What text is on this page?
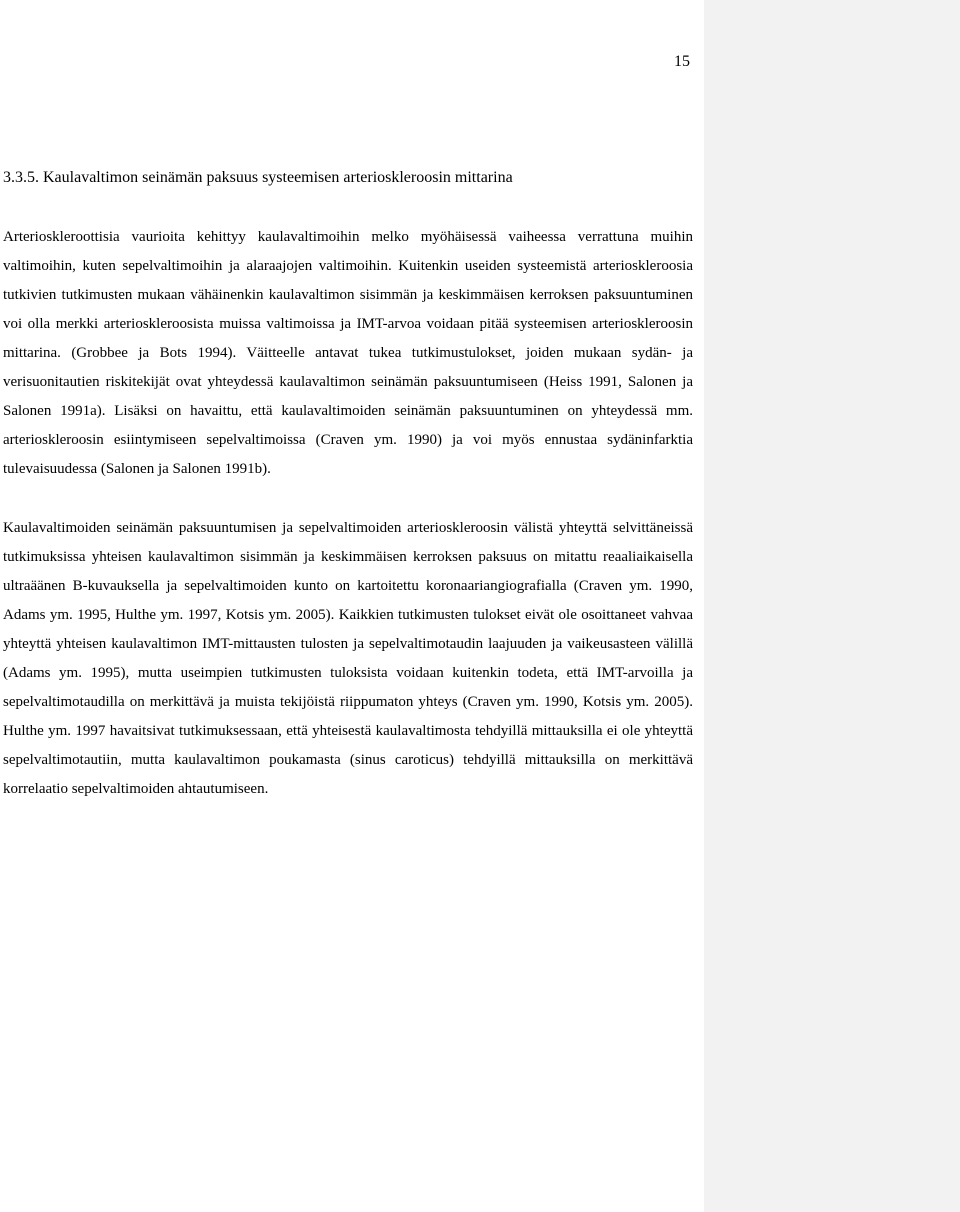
15
3.3.5. Kaulavaltimon seinämän paksuus systeemisen arterioskleroosin mittarina

Arterioskleroottisia vaurioita kehittyy kaulavaltimoihin melko myöhäisessä vaiheessa verrattuna muihin valtimoihin, kuten sepelvaltimoihin ja alaraajojen valtimoihin. Kuitenkin useiden systeemistä arterioskleroosia tutkivien tutkimusten mukaan vähäinenkin kaulavaltimon sisimmän ja keskimmäisen kerroksen paksuuntuminen voi olla merkki arterioskleroosista muissa valtimoissa ja IMT-arvoa voidaan pitää systeemisen arterioskleroosin mittarina. (Grobbee ja Bots 1994). Väitteelle antavat tukea tutkimustulokset, joiden mukaan sydän- ja verisuonitautien riskitekijät ovat yhteydessä kaulavaltimon seinämän paksuuntumiseen (Heiss 1991, Salonen ja Salonen 1991a). Lisäksi on havaittu, että kaulavaltimoiden seinämän paksuuntuminen on yhteydessä mm. arterioskleroosin esiintymiseen sepelvaltimoissa (Craven ym. 1990) ja voi myös ennustaa sydäninfarktia tulevaisuudessa (Salonen ja Salonen 1991b).

Kaulavaltimoiden seinämän paksuuntumisen ja sepelvaltimoiden arterioskleroosin välistä yhteyttä selvittäneissä tutkimuksissa yhteisen kaulavaltimon sisimmän ja keskimmäisen kerroksen paksuus on mitattu reaaliaikaisella ultraäänen B-kuvauksella ja sepelvaltimoiden kunto on kartoitettu koronaariangiografialla (Craven ym. 1990, Adams ym. 1995, Hulthe ym. 1997, Kotsis ym. 2005). Kaikkien tutkimusten tulokset eivät ole osoittaneet vahvaa yhteyttä yhteisen kaulavaltimon IMT-mittausten tulosten ja sepelvaltimotaudin laajuuden ja vaikeusasteen välillä (Adams ym. 1995), mutta useimpien tutkimusten tuloksista voidaan kuitenkin todeta, että IMT-arvoilla ja sepelvaltimotaudilla on merkittävä ja muista tekijöistä riippumaton yhteys (Craven ym. 1990, Kotsis ym. 2005). Hulthe ym. 1997 havaitsivat tutkimuksessaan, että yhteisestä kaulavaltimosta tehdyillä mittauksilla ei ole yhteyttä sepelvaltimotautiin, mutta kaulavaltimon poukamasta (sinus caroticus) tehdyillä mittauksilla on merkittävä korrelaatio sepelvaltimoiden ahtautumiseen.
